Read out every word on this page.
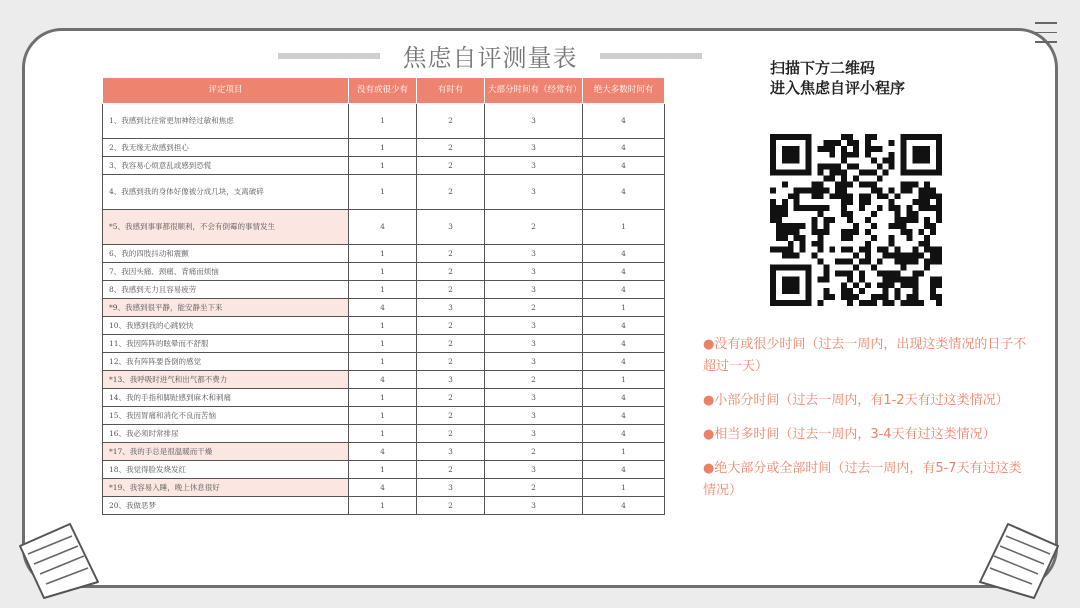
焦虑自评测量表
评定项目	没有或很少有	有时有	大部分时间有（经常有）	绝大多数时间有
1、我感到比往常更加神经过敏和焦虑	1	2	3	4
2、我无缘无故感到担心	1	2	3	4
3、我容易心烦意乱或感到恐慌	1	2	3	4
4、我感到我的身体好像被分成几块，支离破碎	1	2	3	4
*5、我感到事事都很顺利，不会有倒霉的事情发生	4	3	2	1
6、我的四肢抖动和震颤	1	2	3	4
7、我因头痛、颈痛、背痛而烦恼	1	2	3	4
8、我感到无力且容易疲劳	1	2	3	4
*9、我感到很平静，能安静坐下来	4	3	2	1
10、我感到我的心跳较快	1	2	3	4
11、我因阵阵的眩晕而不舒服	1	2	3	4
12、我有阵阵要昏倒的感觉	1	2	3	4
*13、我呼吸时进气和出气都不费力	4	3	2	1
14、我的手指和脚趾感到麻木和刺痛	1	2	3	4
15、我因胃痛和消化不良而苦恼	1	2	3	4
16、我必须时常排尿	1	2	3	4
*17、我的手总是很温暖而干燥	4	3	2	1
18、我觉得脸发烧发红	1	2	3	4
*19、我容易入睡，晚上休息很好	4	3	2	1
20、我做恶梦	1	2	3	4
扫描下方二维码
进入焦虑自评小程序
●没有或很少时间（过去一周内，出现这类情况的日子不超过一天）
●小部分时间（过去一周内，有1-2天有过这类情况）
●相当多时间（过去一周内，3-4天有过这类情况）
●绝大部分或全部时间（过去一周内，有5-7天有过这类情况）
